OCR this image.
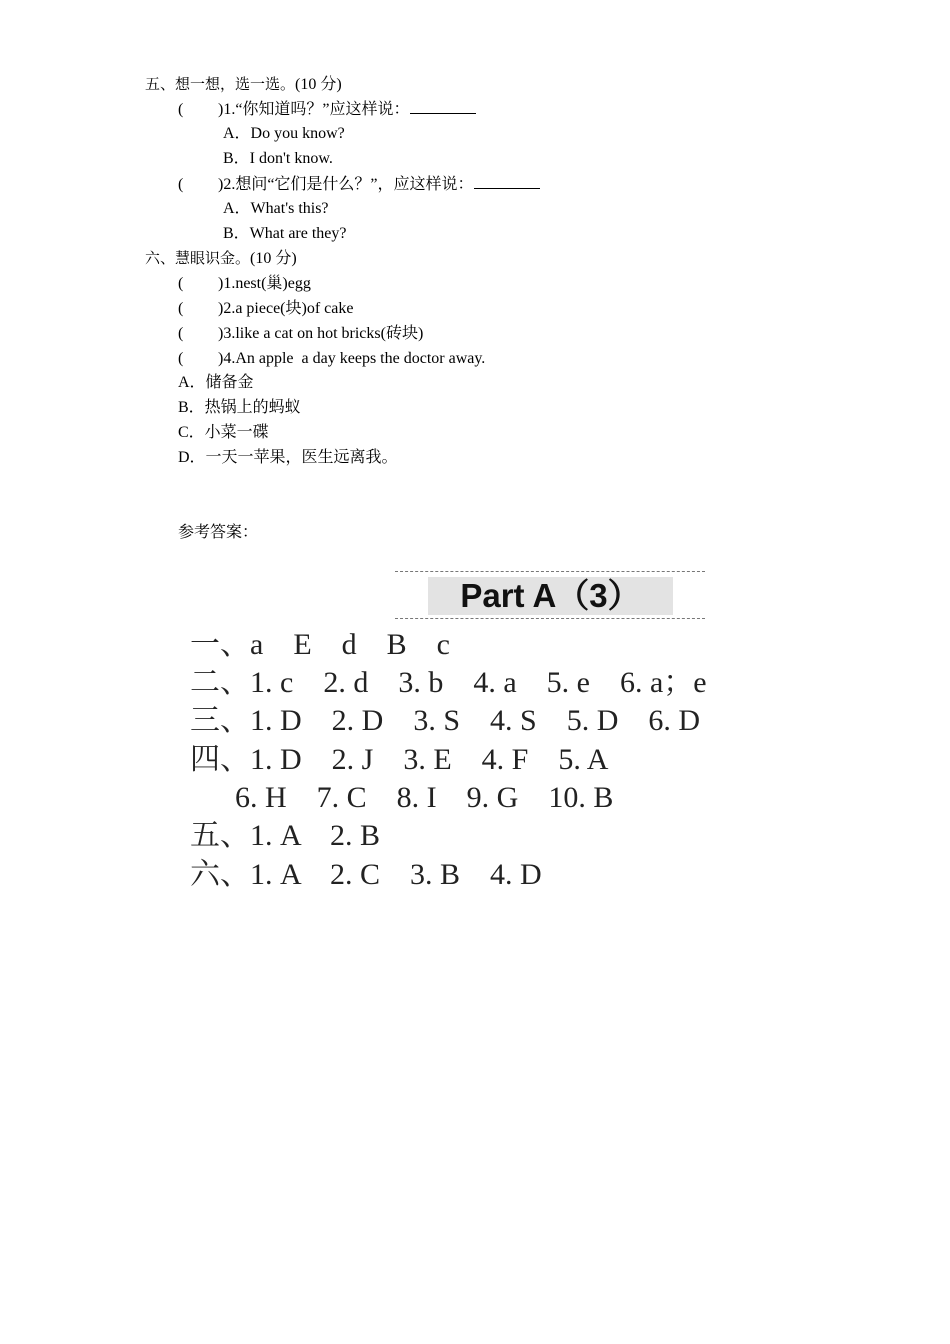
五、想一想，选一选。(10 分)
( )1.“你知道吗？”应这样说：
A．Do you know?
B．I don't know.
( )2.想问“它们是什么？”，应这样说：
A．What's this?
B．What are they?
六、慧眼识金。(10 分)
( )1.nest(巢)egg
( )2.a piece(块)of cake
( )3.like a cat on hot bricks(砖块)
( )4.An apple  a day keeps the doctor away.
A．储备金
B．热锅上的蚂蚁
C．小菜一碟
D．一天一苹果，医生远离我。
参考答案：
Part A（3）
一、a    E    d    B    c
二、1. c    2. d    3. b    4. a    5. e    6. a；e
三、1. D    2. D    3. S    4. S    5. D    6. D
四、1. D    2. J    3. E    4. F    5. A
6. H    7. C    8. I    9. G    10. B
五、1. A    2. B
六、1. A    2. C    3. B    4. D
